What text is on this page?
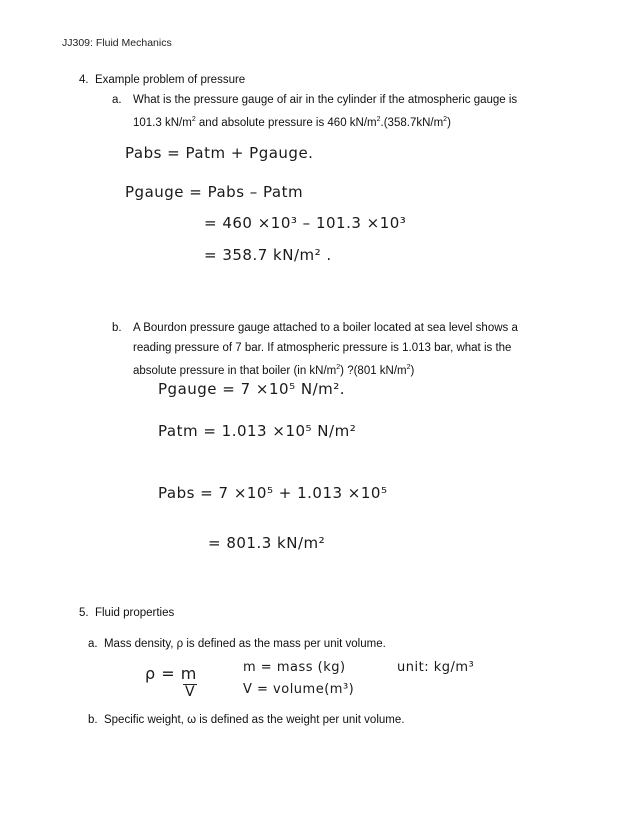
JJ309: Fluid Mechanics
4.  Example problem of pressure
a. What is the pressure gauge of air in the cylinder if the atmospheric gauge is
101.3 $kN/m^2$ and absolute pressure is 460 $kN/m^2.(358.7kN/m^2)$
Pabs = Patm + Pgauge.
Pgauge = Pabs – Patm
= 460 ×10³ – 101.3 ×10³
= 358.7 kN/m² .
b. A Bourdon pressure gauge attached to a boiler located at sea level shows a
reading pressure of 7 bar. If atmospheric pressure is 1.013 bar, what is the
absolute pressure in that boiler (in $kN/m^2$) ?(801 $kN/m^2$)
Pgauge = 7 ×10⁵ N/m².
Patm = 1.013 ×10⁵ N/m²
Pabs = 7 ×10⁵ + 1.013 ×10⁵
= 801.3 kN/m²
5.  Fluid properties
a.  Mass density, ρ is defined as the mass per unit volume.
ρ = m
V
m = mass (kg)
V = volume(m³)
unit: kg/m³
b.  Specific weight, ω is defined as the weight per unit volume.
